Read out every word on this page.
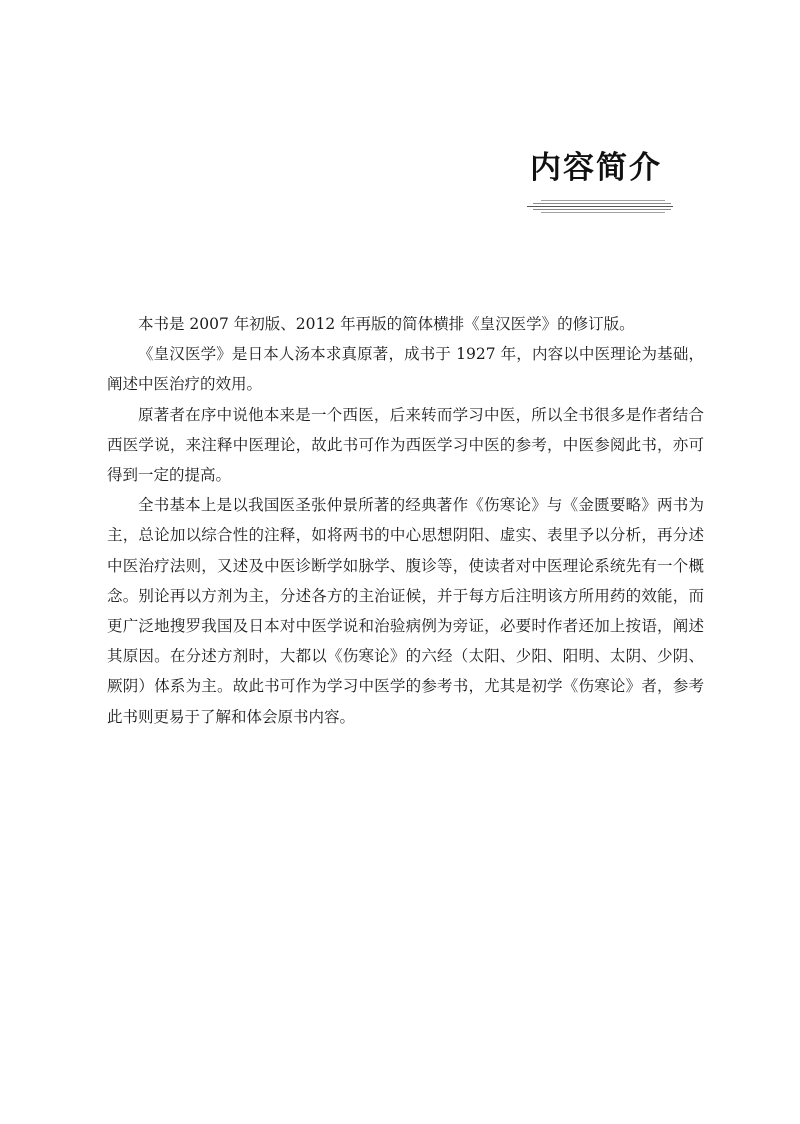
内容简介

本书是 2007 年初版、2012 年再版的简体横排《皇汉医学》的修订版。

《皇汉医学》是日本人汤本求真原著，成书于 1927 年，内容以中医理论为基础，阐述中医治疗的效用。

原著者在序中说他本来是一个西医，后来转而学习中医，所以全书很多是作者结合西医学说，来注释中医理论，故此书可作为西医学习中医的参考，中医参阅此书，亦可得到一定的提高。

全书基本上是以我国医圣张仲景所著的经典著作《伤寒论》与《金匮要略》两书为主，总论加以综合性的注释，如将两书的中心思想阴阳、虚实、表里予以分析，再分述中医治疗法则，又述及中医诊断学如脉学、腹诊等，使读者对中医理论系统先有一个概念。别论再以方剂为主，分述各方的主治证候，并于每方后注明该方所用药的效能，而更广泛地搜罗我国及日本对中医学说和治验病例为旁证，必要时作者还加上按语，阐述其原因。在分述方剂时，大都以《伤寒论》的六经（太阳、少阳、阳明、太阴、少阴、厥阴）体系为主。故此书可作为学习中医学的参考书，尤其是初学《伤寒论》者，参考此书则更易于了解和体会原书内容。
